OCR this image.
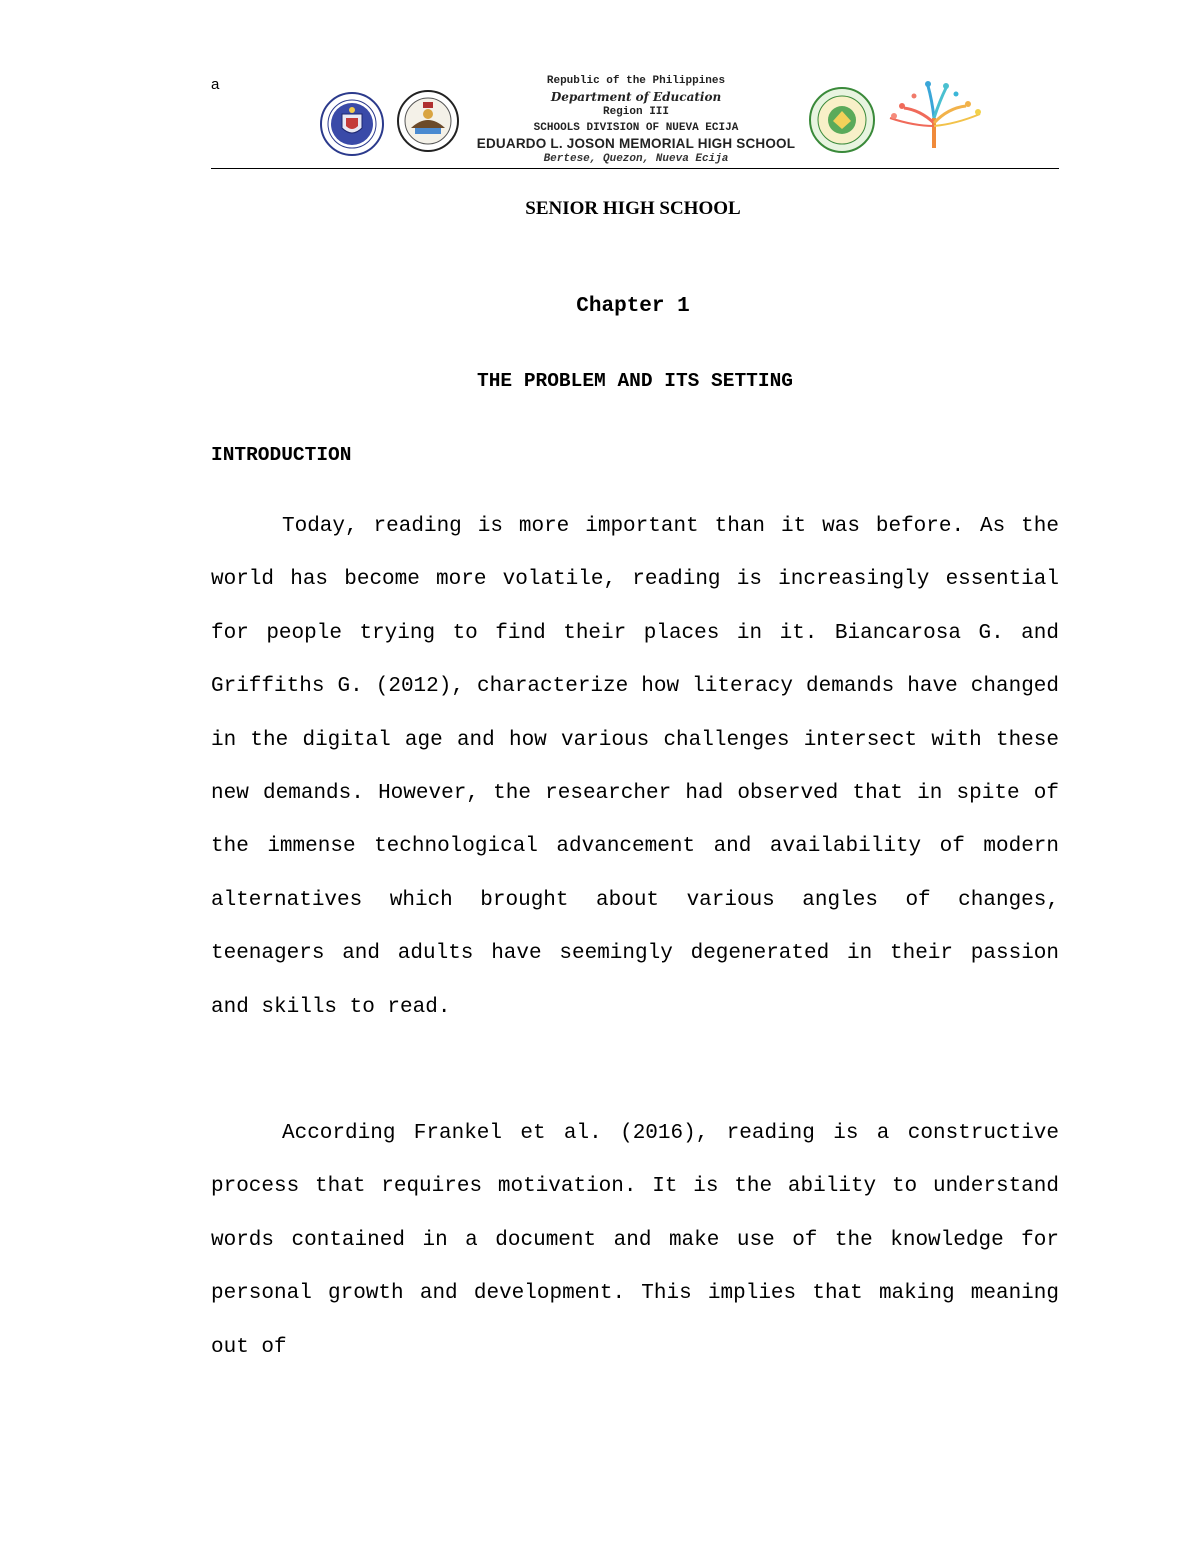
a	Republic of the Philippines
Department of Education
Region III
SCHOOLS DIVISION OF NUEVA ECIJA
EDUARDO L. JOSON MEMORIAL HIGH SCHOOL
Bertese, Quezon, Nueva Ecija
SENIOR HIGH SCHOOL
Chapter 1
THE PROBLEM AND ITS SETTING
INTRODUCTION

Today, reading is more important than it was before. As the world has become more volatile, reading is increasingly essential for people trying to find their places in it. Biancarosa G. and Griffiths G. (2012), characterize how literacy demands have changed in the digital age and how various challenges intersect with these new demands. However, the researcher had observed that in spite of the immense technological advancement and availability of modern alternatives which brought about various angles of changes, teenagers and adults have seemingly degenerated in their passion and skills to read.

According Frankel et al. (2016), reading is a constructive process that requires motivation. It is the ability to understand words contained in a document and make use of the knowledge for personal growth and development. This implies that making meaning out of
